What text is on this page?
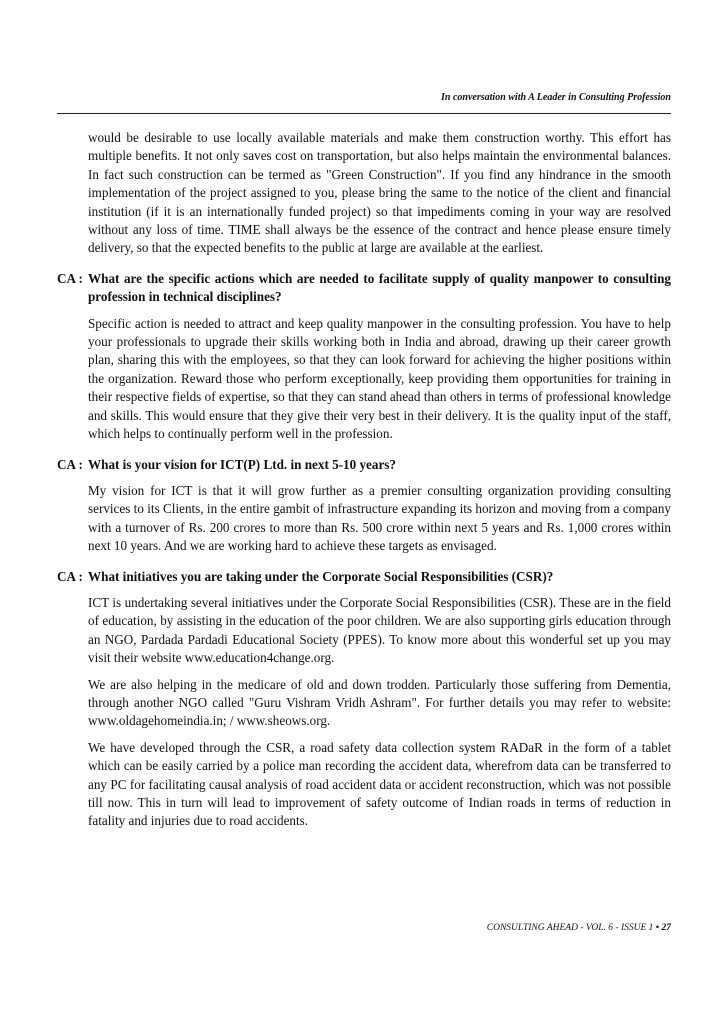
In conversation with A Leader in Consulting Profession

would be desirable to use locally available materials and make them construction worthy. This effort has multiple benefits. It not only saves cost on transportation, but also helps maintain the environmental balances. In fact such construction can be termed as "Green Construction". If you find any hindrance in the smooth implementation of the project assigned to you, please bring the same to the notice of the client and financial institution (if it is an internationally funded project) so that impediments coming in your way are resolved without any loss of time. TIME shall always be the essence of the contract and hence please ensure timely delivery, so that the expected benefits to the public at large are available at the earliest.

CA : What are the specific actions which are needed to facilitate supply of quality manpower to consulting profession in technical disciplines?

Specific action is needed to attract and keep quality manpower in the consulting profession. You have to help your professionals to upgrade their skills working both in India and abroad, drawing up their career growth plan, sharing this with the employees, so that they can look forward for achieving the higher positions within the organization. Reward those who perform exceptionally, keep providing them opportunities for training in their respective fields of expertise, so that they can stand ahead than others in terms of professional knowledge and skills. This would ensure that they give their very best in their delivery. It is the quality input of the staff, which helps to continually perform well in the profession.

CA : What is your vision for ICT(P) Ltd. in next 5-10 years?

My vision for ICT is that it will grow further as a premier consulting organization providing consulting services to its Clients, in the entire gambit of infrastructure expanding its horizon and moving from a company with a turnover of Rs. 200 crores to more than Rs. 500 crore within next 5 years and Rs. 1,000 crores within next 10 years. And we are working hard to achieve these targets as envisaged.

CA : What initiatives you are taking under the Corporate Social Responsibilities (CSR)?

ICT is undertaking several initiatives under the Corporate Social Responsibilities (CSR). These are in the field of education, by assisting in the education of the poor children. We are also supporting girls education through an NGO, Pardada Pardadi Educational Society (PPES). To know more about this wonderful set up you may visit their website www.education4change.org.

We are also helping in the medicare of old and down trodden. Particularly those suffering from Dementia, through another NGO called "Guru Vishram Vridh Ashram". For further details you may refer to website: www.oldagehomeindia.in; / www.sheows.org.

We have developed through the CSR, a road safety data collection system RADaR in the form of a tablet which can be easily carried by a police man recording the accident data, wherefrom data can be transferred to any PC for facilitating causal analysis of road accident data or accident reconstruction, which was not possible till now. This in turn will lead to improvement of safety outcome of Indian roads in terms of reduction in fatality and injuries due to road accidents.

CONSULTING AHEAD - VOL. 6 - ISSUE 1 • 27
